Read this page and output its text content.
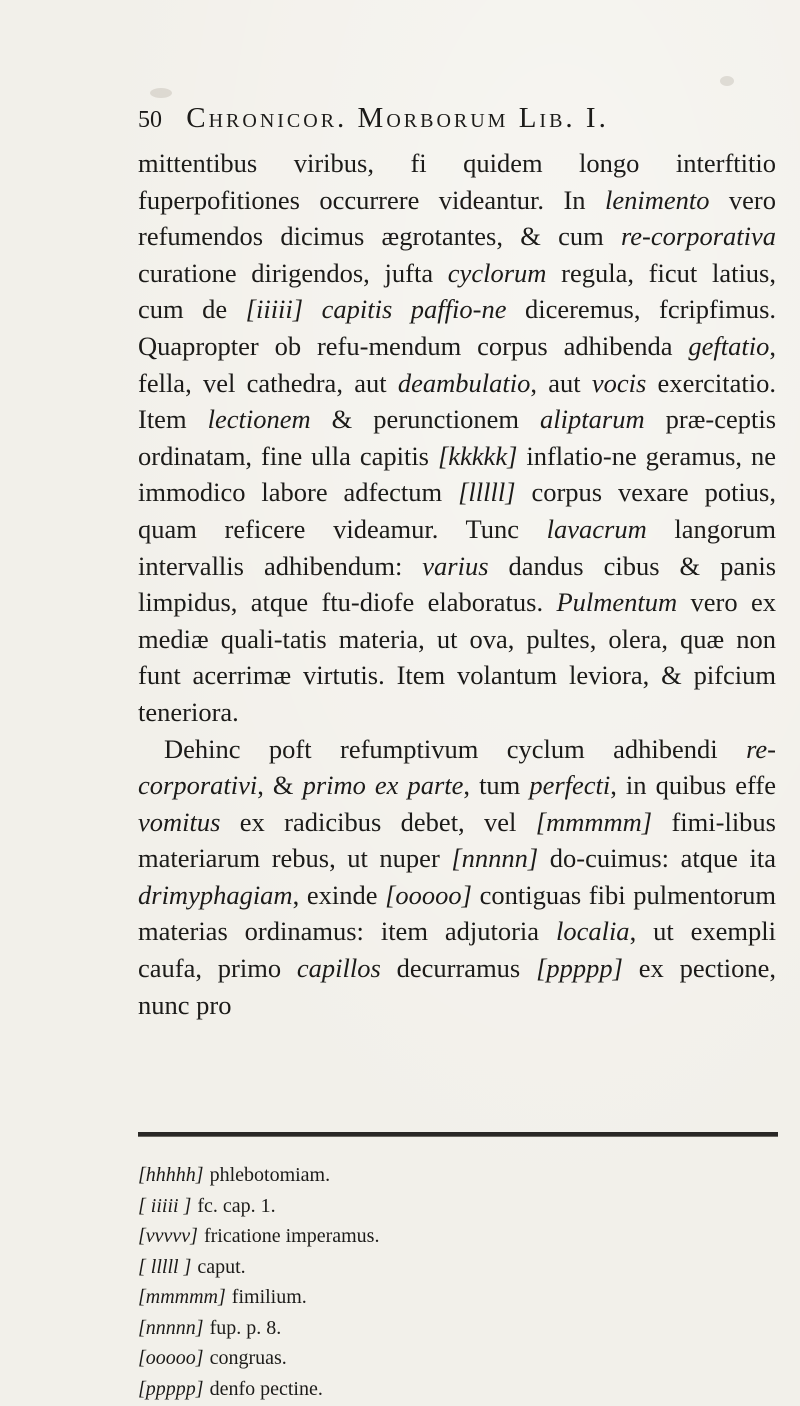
50 Chronicor. Morborum Lib. I.

mittentibus viribus, fi quidem longo interftitio fuperpofitiones occurrere videantur. In lenimento vero refumendos dicimus ægrotantes, & cum re-corporativa curatione dirigendos, jufta cyclorum regula, ficut latius, cum de [iiiii] capitis paffio-ne diceremus, fcripfimus. Quapropter ob refu-mendum corpus adhibenda geftatio, fella, vel cathedra, aut deambulatio, aut vocis exercitatio. Item lectionem & perunctionem aliptarum præ-ceptis ordinatam, fine ulla capitis [kkkkk] inflatio-ne geramus, ne immodico labore adfectum [lllll] corpus vexare potius, quam reficere videamur. Tunc lavacrum langorum intervallis adhibendum: varius dandus cibus & panis limpidus, atque ftu-diofe elaboratus. Pulmentum vero ex mediæ quali-tatis materia, ut ova, pultes, olera, quæ non funt acerrimæ virtutis. Item volantum leviora, & pifcium teneriora.

Dehinc poft refumptivum cyclum adhibendi re-corporativi, & primo ex parte, tum perfecti, in quibus effe vomitus ex radicibus debet, vel [mmmmm] fimi-libus materiarum rebus, ut nuper [nnnnn] do-cuimus: atque ita drimyphagiam, exinde [ooooo] contiguas fibi pulmentorum materias ordinamus: item adjutoria localia, ut exempli caufa, primo capillos decurramus [ppppp] ex pectione, nunc pro

[hhhhh] phlebotomiam.
[ iiiii ] fc. cap. 1.
[vvvvv] fricatione imperamus.
[ lllll ] caput.
[mmmmm] fimilium.
[nnnnn] fup. p. 8.
[ooooo] congruas.
[ppppp] denfo pectine.
